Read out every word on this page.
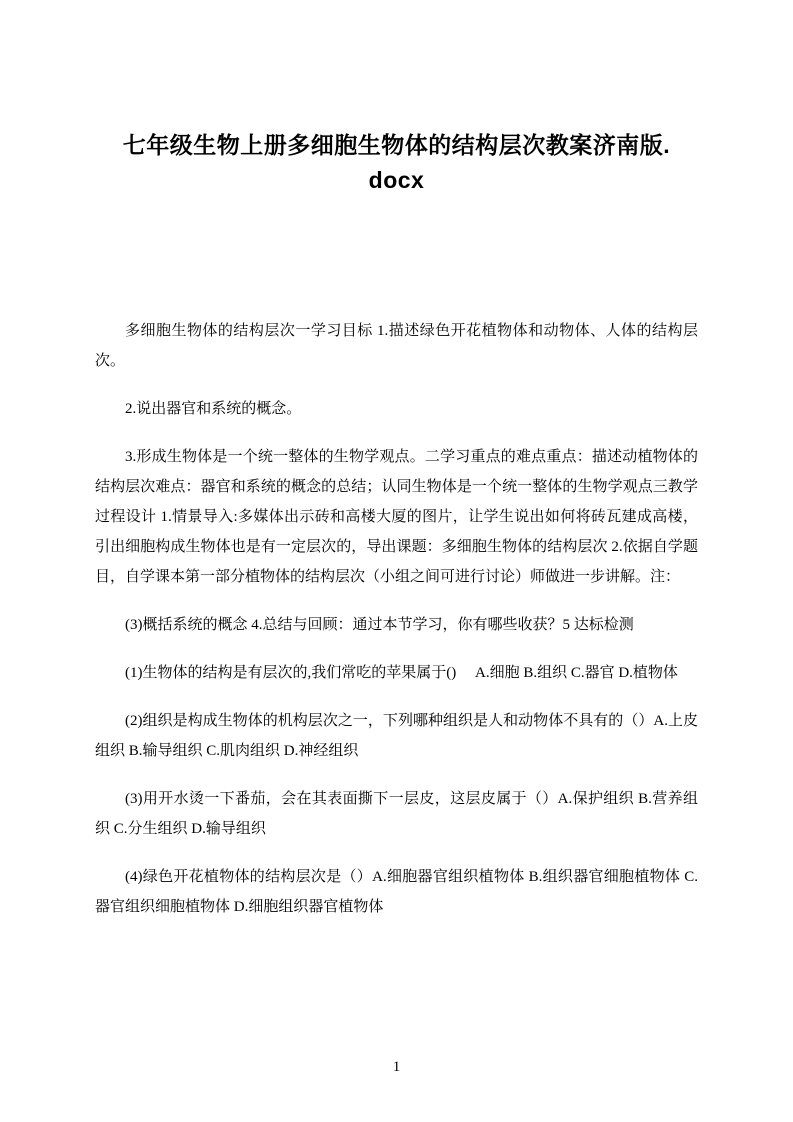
七年级生物上册多细胞生物体的结构层次教案济南版.
docx

多细胞生物体的结构层次一学习目标 1.描述绿色开花植物体和动物体、人体的结构层次。

2.说出器官和系统的概念。

3.形成生物体是一个统一整体的生物学观点。二学习重点的难点重点：描述动植物体的结构层次难点：器官和系统的概念的总结；认同生物体是一个统一整体的生物学观点三教学过程设计 1.情景导入:多媒体出示砖和高楼大厦的图片，让学生说出如何将砖瓦建成高楼，引出细胞构成生物体也是有一定层次的，导出课题：多细胞生物体的结构层次 2.依据自学题目，自学课本第一部分植物体的结构层次（小组之间可进行讨论）师做进一步讲解。注：

(3)概括系统的概念 4.总结与回顾：通过本节学习，你有哪些收获？5 达标检测

(1)生物体的结构是有层次的,我们常吃的苹果属于()　 A.细胞 B.组织 C.器官 D.植物体

(2)组织是构成生物体的机构层次之一，下列哪种组织是人和动物体不具有的（）A.上皮组织 B.输导组织 C.肌肉组织 D.神经组织

(3)用开水烫一下番茄，会在其表面撕下一层皮，这层皮属于（）A.保护组织 B.营养组织 C.分生组织 D.输导组织

(4)绿色开花植物体的结构层次是（）A.细胞器官组织植物体 B.组织器官细胞植物体 C.器官组织细胞植物体 D.细胞组织器官植物体

1
